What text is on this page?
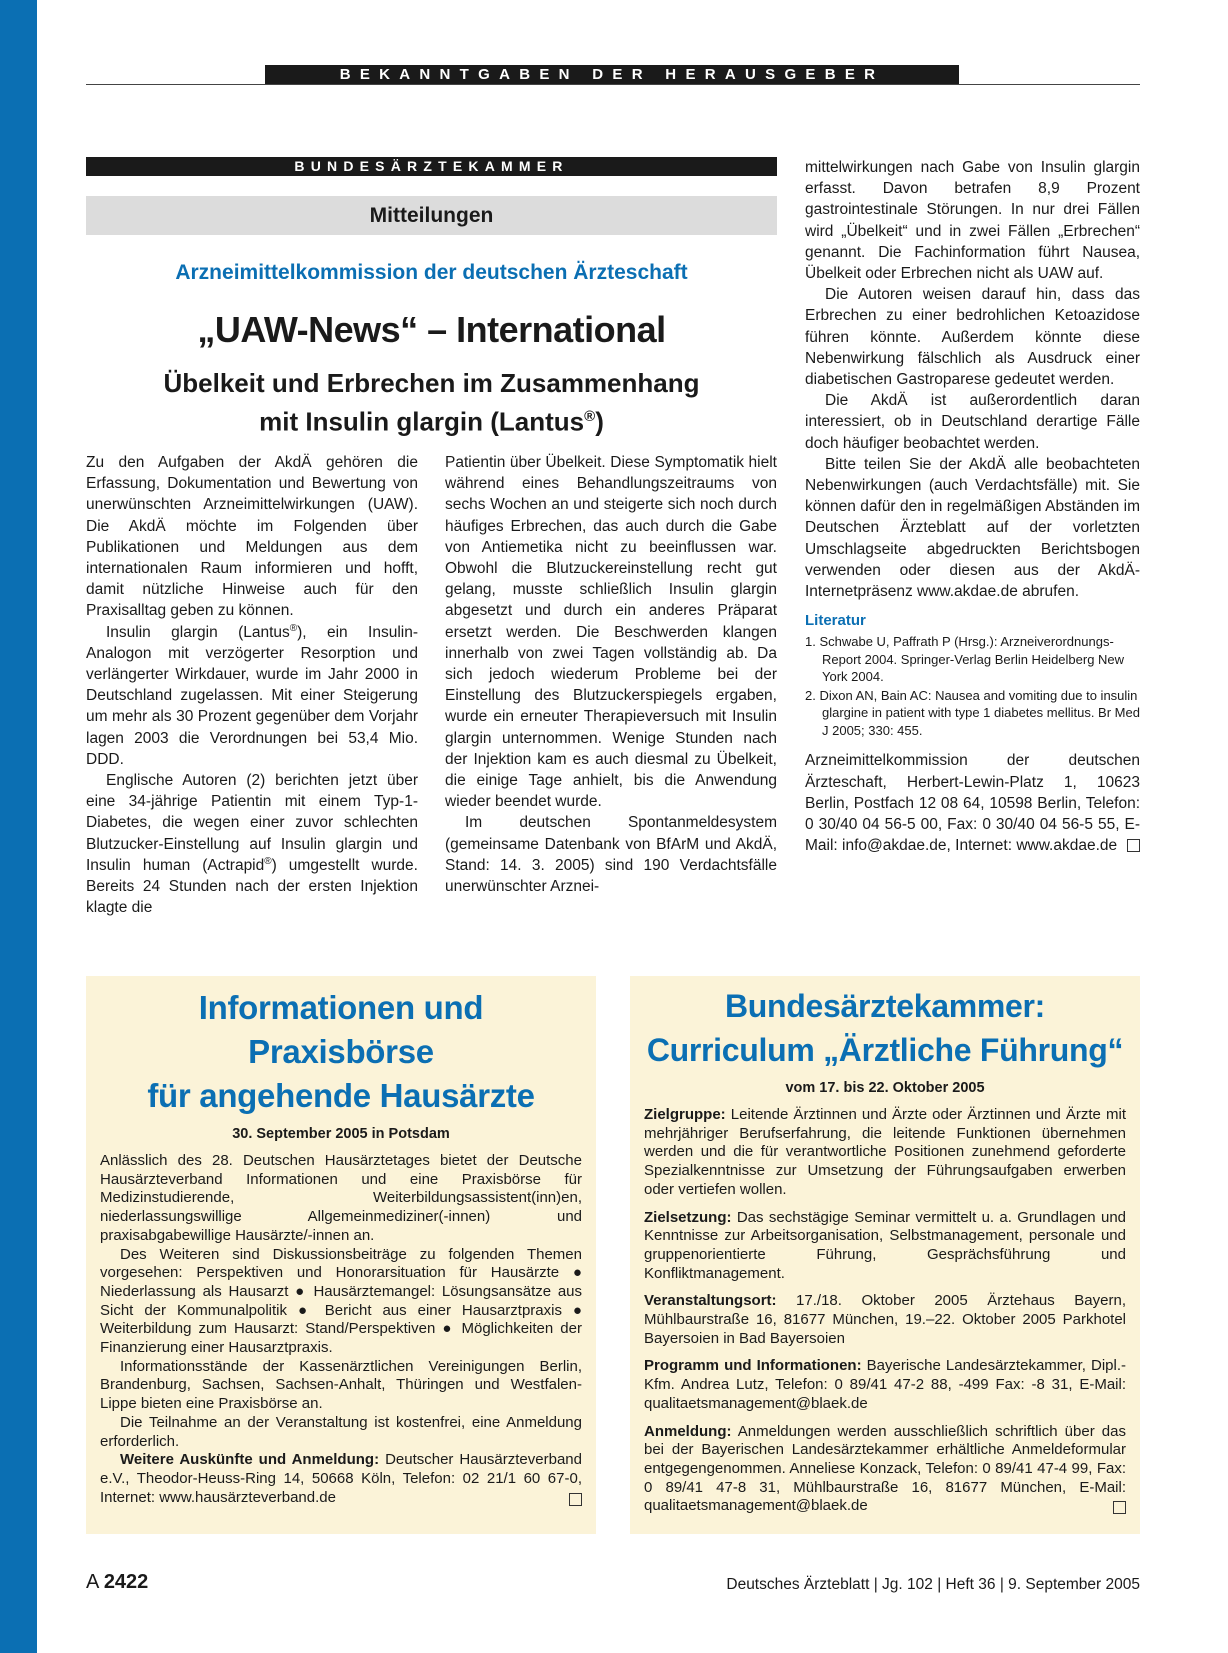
BEKANNTGABEN DER HERAUSGEBER
BUNDESÄRZTEKAMMER
Mitteilungen
Arzneimittelkommission der deutschen Ärzteschaft
„UAW-News“ – International
Übelkeit und Erbrechen im Zusammenhang
mit Insulin glargin (Lantus®)

Zu den Aufgaben der AkdÄ gehören die Erfassung, Dokumentation und Bewertung von unerwünschten Arzneimittelwirkungen (UAW). Die AkdÄ möchte im Folgenden über Publikationen und Meldungen aus dem internationalen Raum informieren und hofft, damit nützliche Hinweise auch für den Praxisalltag geben zu können.

Insulin glargin (Lantus®), ein Insulin-Analogon mit verzögerter Resorption und verlängerter Wirkdauer, wurde im Jahr 2000 in Deutschland zugelassen. Mit einer Steigerung um mehr als 30 Prozent gegenüber dem Vorjahr lagen 2003 die Verordnungen bei 53,4 Mio. DDD.

Englische Autoren (2) berichten jetzt über eine 34-jährige Patientin mit einem Typ-1-Diabetes, die wegen einer zuvor schlechten Blutzucker-Einstellung auf Insulin glargin und Insulin human (Actrapid®) umgestellt wurde. Bereits 24 Stunden nach der ersten Injektion klagte die

Patientin über Übelkeit. Diese Symptomatik hielt während eines Behandlungszeitraums von sechs Wochen an und steigerte sich noch durch häufiges Erbrechen, das auch durch die Gabe von Antiemetika nicht zu beeinflussen war. Obwohl die Blutzuckereinstellung recht gut gelang, musste schließlich Insulin glargin abgesetzt und durch ein anderes Präparat ersetzt werden. Die Beschwerden klangen innerhalb von zwei Tagen vollständig ab. Da sich jedoch wiederum Probleme bei der Einstellung des Blutzuckerspiegels ergaben, wurde ein erneuter Therapieversuch mit Insulin glargin unternommen. Wenige Stunden nach der Injektion kam es auch diesmal zu Übelkeit, die einige Tage anhielt, bis die Anwendung wieder beendet wurde.

Im deutschen Spontanmeldesystem (gemeinsame Datenbank von BfArM und AkdÄ, Stand: 14. 3. 2005) sind 190 Verdachtsfälle unerwünschter Arznei-

mittelwirkungen nach Gabe von Insulin glargin erfasst. Davon betrafen 8,9 Prozent gastrointestinale Störungen. In nur drei Fällen wird „Übelkeit“ und in zwei Fällen „Erbrechen“ genannt. Die Fachinformation führt Nausea, Übelkeit oder Erbrechen nicht als UAW auf.

Die Autoren weisen darauf hin, dass das Erbrechen zu einer bedrohlichen Ketoazidose führen könnte. Außerdem könnte diese Nebenwirkung fälschlich als Ausdruck einer diabetischen Gastroparese gedeutet werden.

Die AkdÄ ist außerordentlich daran interessiert, ob in Deutschland derartige Fälle doch häufiger beobachtet werden.

Bitte teilen Sie der AkdÄ alle beobachteten Nebenwirkungen (auch Verdachtsfälle) mit. Sie können dafür den in regelmäßigen Abständen im Deutschen Ärzteblatt auf der vorletzten Umschlagseite abgedruckten Berichtsbogen verwenden oder diesen aus der AkdÄ-Internetpräsenz www.akdae.de abrufen.

Literatur
1. Schwabe U, Paffrath P (Hrsg.): Arzneiverordnungs-Report 2004. Springer-Verlag Berlin Heidelberg New York 2004.
2. Dixon AN, Bain AC: Nausea and vomiting due to insulin glargine in patient with type 1 diabetes mellitus. Br Med J 2005; 330: 455.

Arzneimittelkommission der deutschen Ärzteschaft, Herbert-Lewin-Platz 1, 10623 Berlin, Postfach 12 08 64, 10598 Berlin, Telefon: 0 30/40 04 56-5 00, Fax: 0 30/40 04 56-5 55, E-Mail: info@akdae.de, Internet: www.akdae.de

Informationen und
Praxisbörse
für angehende Hausärzte
30. September 2005 in Potsdam

Anlässlich des 28. Deutschen Hausärztetages bietet der Deutsche Hausärzteverband Informationen und eine Praxisbörse für Medizinstudierende, Weiterbildungsassistent(inn)en, niederlassungswillige Allgemeinmediziner(-innen) und praxisabgabewillige Hausärzte/-innen an.

Des Weiteren sind Diskussionsbeiträge zu folgenden Themen vorgesehen: Perspektiven und Honorarsituation für Hausärzte ● Niederlassung als Hausarzt ● Hausärztemangel: Lösungsansätze aus Sicht der Kommunalpolitik ● Bericht aus einer Hausarztpraxis ● Weiterbildung zum Hausarzt: Stand/Perspektiven ● Möglichkeiten der Finanzierung einer Hausarztpraxis.

Informationsstände der Kassenärztlichen Vereinigungen Berlin, Brandenburg, Sachsen, Sachsen-Anhalt, Thüringen und Westfalen-Lippe bieten eine Praxisbörse an.

Die Teilnahme an der Veranstaltung ist kostenfrei, eine Anmeldung erforderlich.

Weitere Auskünfte und Anmeldung: Deutscher Hausärzteverband e.V., Theodor-Heuss-Ring 14, 50668 Köln, Telefon: 02 21/1 60 67-0, Internet: www.hausärzteverband.de

Bundesärztekammer:
Curriculum „Ärztliche Führung“
vom 17. bis 22. Oktober 2005

Zielgruppe: Leitende Ärztinnen und Ärzte oder Ärztinnen und Ärzte mit mehrjähriger Berufserfahrung, die leitende Funktionen übernehmen werden und die für verantwortliche Positionen zunehmend geforderte Spezialkenntnisse zur Umsetzung der Führungsaufgaben erwerben oder vertiefen wollen.

Zielsetzung: Das sechstägige Seminar vermittelt u. a. Grundlagen und Kenntnisse zur Arbeitsorganisation, Selbstmanagement, personale und gruppenorientierte Führung, Gesprächsführung und Konfliktmanagement.

Veranstaltungsort: 17./18. Oktober 2005 Ärztehaus Bayern, Mühlbaurstraße 16, 81677 München, 19.–22. Oktober 2005 Parkhotel Bayersoien in Bad Bayersoien

Programm und Informationen: Bayerische Landesärztekammer, Dipl.-Kfm. Andrea Lutz, Telefon: 0 89/41 47-2 88, -499 Fax: -8 31, E-Mail: qualitaetsmanagement@blaek.de

Anmeldung: Anmeldungen werden ausschließlich schriftlich über das bei der Bayerischen Landesärztekammer erhältliche Anmeldeformular entgegengenommen. Anneliese Konzack, Telefon: 0 89/41 47-4 99, Fax: 0 89/41 47-8 31, Mühlbaurstraße 16, 81677 München, E-Mail: qualitaetsmanagement@blaek.de

A 2422	Deutsches Ärzteblatt | Jg. 102 | Heft 36 | 9. September 2005
